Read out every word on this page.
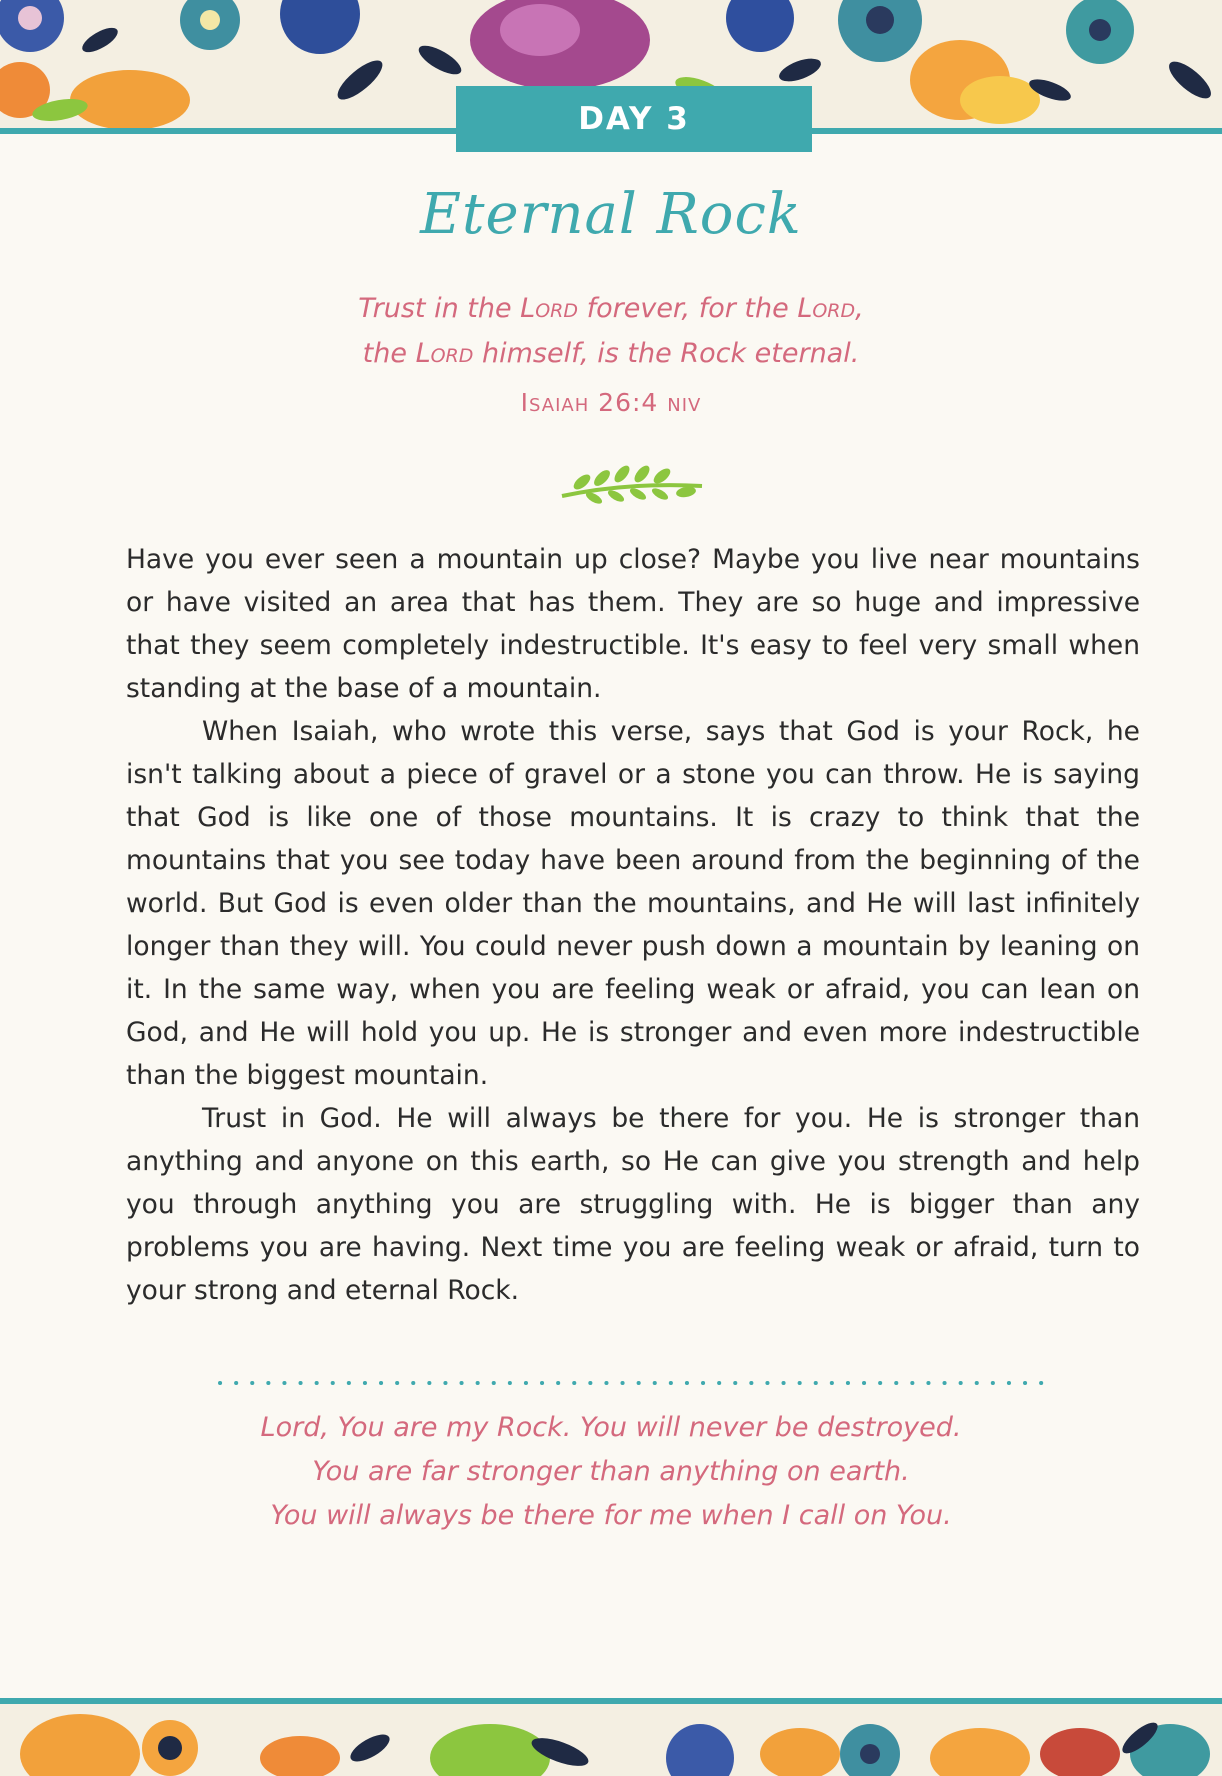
DAY 3
Eternal Rock
Trust in the Lord forever, for the Lord,
the Lord himself, is the Rock eternal.
Isaiah 26:4 niv

Have you ever seen a mountain up close? Maybe you live near mountains or have visited an area that has them. They are so huge and impressive that they seem completely indestructible. It's easy to feel very small when standing at the base of a mountain.

When Isaiah, who wrote this verse, says that God is your Rock, he isn't talking about a piece of gravel or a stone you can throw. He is saying that God is like one of those mountains. It is crazy to think that the mountains that you see today have been around from the beginning of the world. But God is even older than the mountains, and He will last infinitely longer than they will. You could never push down a mountain by leaning on it. In the same way, when you are feeling weak or afraid, you can lean on God, and He will hold you up. He is stronger and even more indestructible than the biggest mountain.

Trust in God. He will always be there for you. He is stronger than anything and anyone on this earth, so He can give you strength and help you through anything you are struggling with. He is bigger than any problems you are having. Next time you are feeling weak or afraid, turn to your strong and eternal Rock.

Lord, You are my Rock. You will never be destroyed.
You are far stronger than anything on earth.
You will always be there for me when I call on You.
